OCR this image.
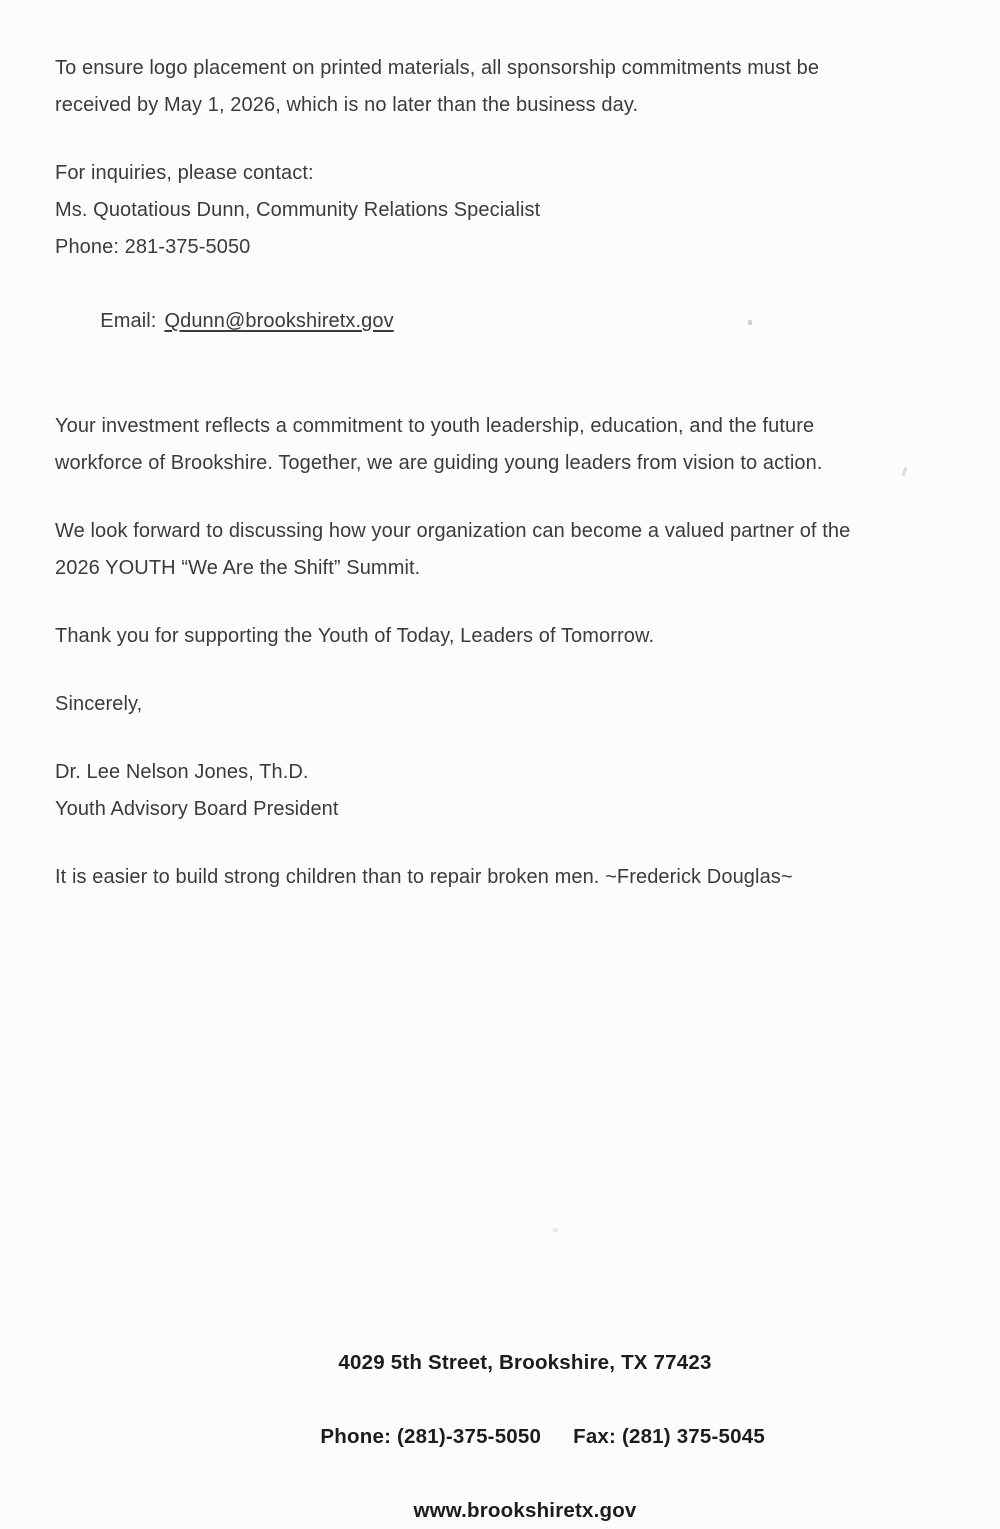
To ensure logo placement on printed materials, all sponsorship commitments must be
received by May 1, 2026, which is no later than the business day.

For inquiries, please contact:
Ms. Quotatious Dunn, Community Relations Specialist
Phone: 281-375-5050

Email: Qdunn@brookshiretx.gov

Your investment reflects a commitment to youth leadership, education, and the future
workforce of Brookshire. Together, we are guiding young leaders from vision to action.

We look forward to discussing how your organization can become a valued partner of the
2026 YOUTH “We Are the Shift” Summit.

Thank you for supporting the Youth of Today, Leaders of Tomorrow.

Sincerely,

Dr. Lee Nelson Jones, Th.D.
Youth Advisory Board President

It is easier to build strong children than to repair broken men. ~Frederick Douglas~

4029 5th Street, Brookshire, TX 77423

Phone: (281)-375-5050 Fax: (281) 375-5045

www.brookshiretx.gov
